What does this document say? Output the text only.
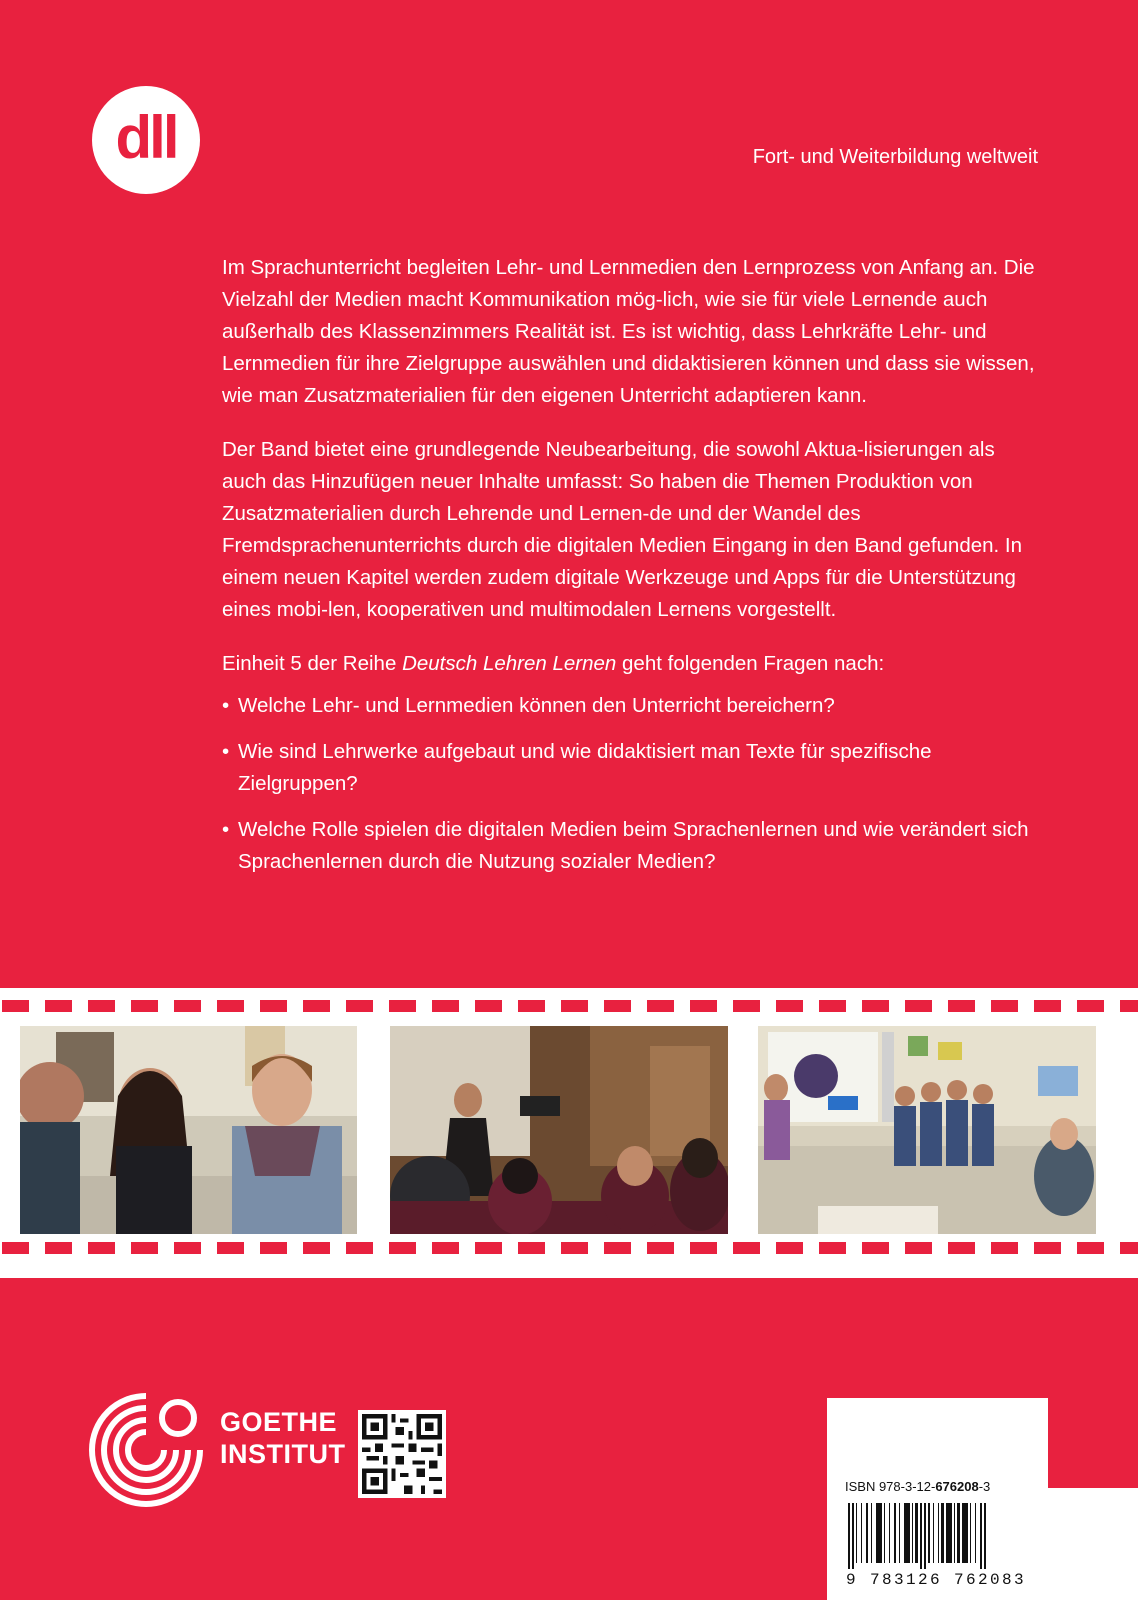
dll	Fort- und Weiterbildung weltweit

Im Sprachunterricht begleiten Lehr- und Lernmedien den Lernprozess von Anfang an. Die Vielzahl der Medien macht Kommunikation mög-lich, wie sie für viele Lernende auch außerhalb des Klassenzimmers Realität ist. Es ist wichtig, dass Lehrkräfte Lehr- und Lernmedien für ihre Zielgruppe auswählen und didaktisieren können und dass sie wissen, wie man Zusatzmaterialien für den eigenen Unterricht adaptieren kann.

Der Band bietet eine grundlegende Neubearbeitung, die sowohl Aktua-lisierungen als auch das Hinzufügen neuer Inhalte umfasst: So haben die Themen Produktion von Zusatzmaterialien durch Lehrende und Lernen-de und der Wandel des Fremdsprachenunterrichts durch die digitalen Medien Eingang in den Band gefunden. In einem neuen Kapitel werden zudem digitale Werkzeuge und Apps für die Unterstützung eines mobi-len, kooperativen und multimodalen Lernens vorgestellt.

Einheit 5 der Reihe Deutsch Lehren Lernen geht folgenden Fragen nach:

• Welche Lehr- und Lernmedien können den Unterricht bereichern?
• Wie sind Lehrwerke aufgebaut und wie didaktisiert man Texte für spezifische Zielgruppen?
• Welche Rolle spielen die digitalen Medien beim Sprachenlernen und wie verändert sich Sprachenlernen durch die Nutzung sozialer Medien?
GOETHE
INSTITUT
ISBN 978-3-12-676208-3
9 783126 762083
